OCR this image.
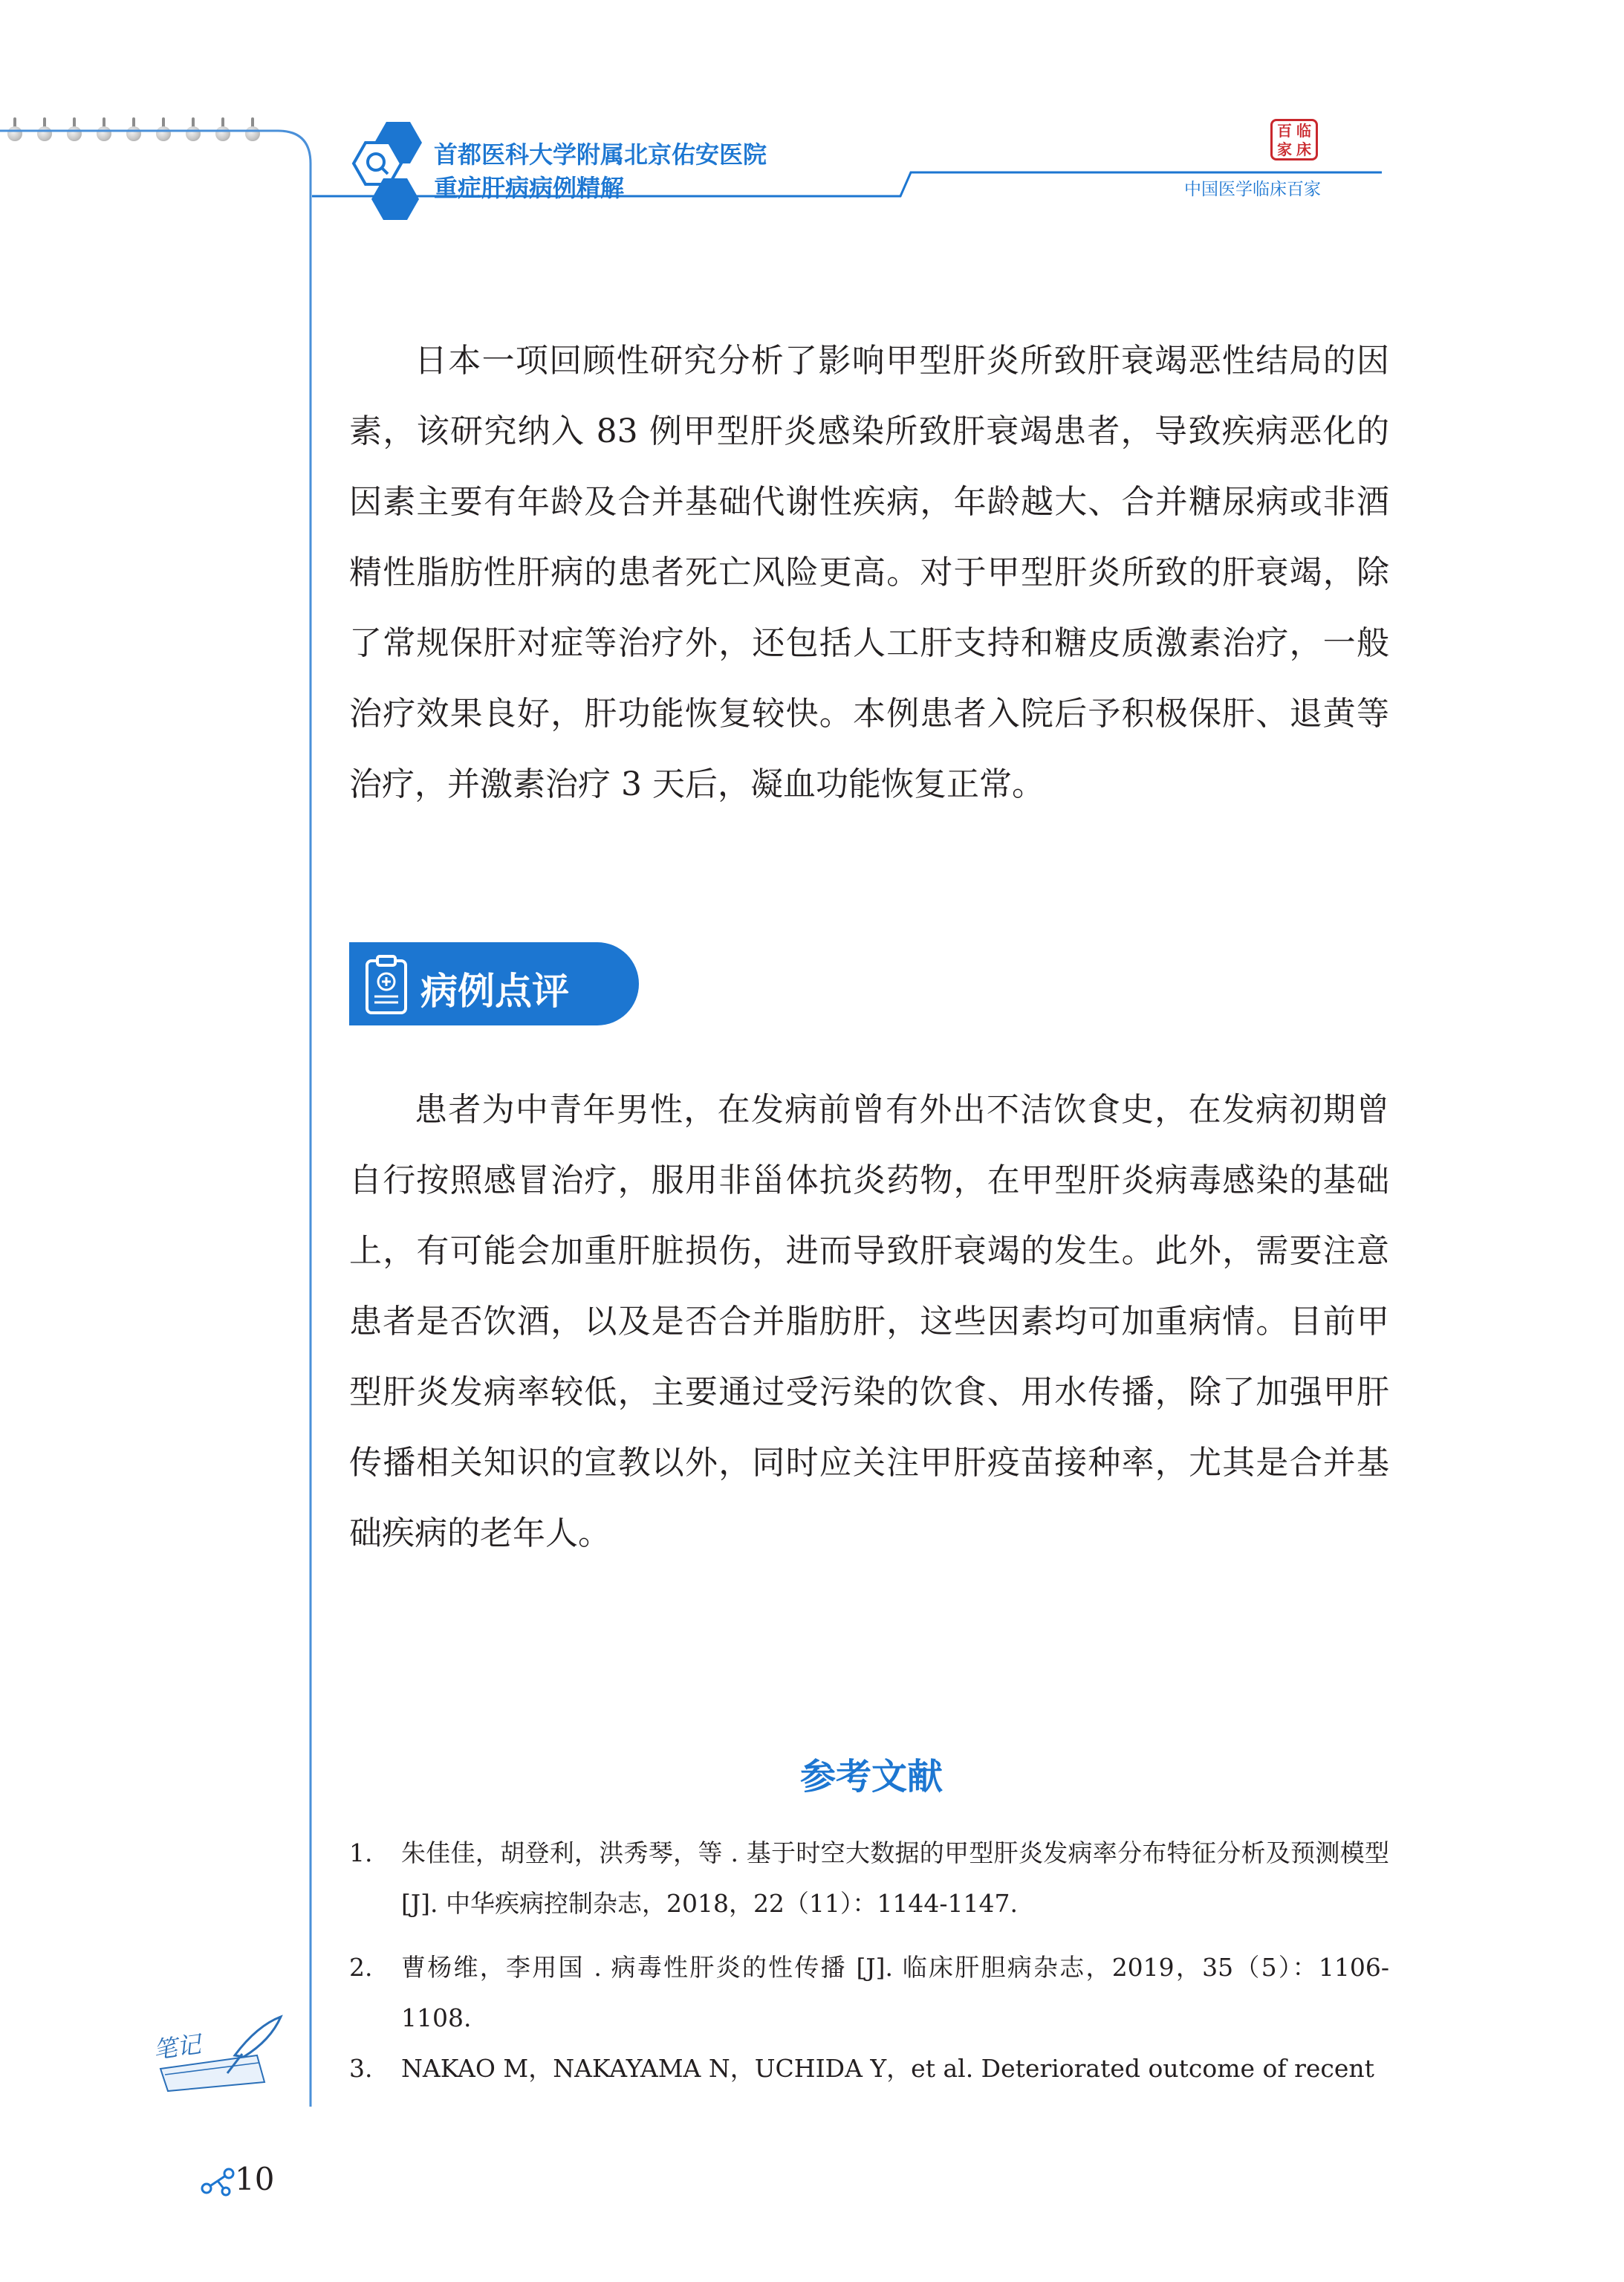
首都医科大学附属北京佑安医院
重症肝病病例精解
百 临
家 床
中国医学临床百家
日本一项回顾性研究分析了影响甲型肝炎所致肝衰竭恶性结局的因素，该研究纳入 83 例甲型肝炎感染所致肝衰竭患者，导致疾病恶化的因素主要有年龄及合并基础代谢性疾病，年龄越大、合并糖尿病或非酒精性脂肪性肝病的患者死亡风险更高。对于甲型肝炎所致的肝衰竭，除了常规保肝对症等治疗外，还包括人工肝支持和糖皮质激素治疗，一般治疗效果良好，肝功能恢复较快。本例患者入院后予积极保肝、退黄等治疗，并激素治疗 3 天后，凝血功能恢复正常。
病例点评
患者为中青年男性，在发病前曾有外出不洁饮食史，在发病初期曾自行按照感冒治疗，服用非甾体抗炎药物，在甲型肝炎病毒感染的基础上，有可能会加重肝脏损伤，进而导致肝衰竭的发生。此外，需要注意患者是否饮酒，以及是否合并脂肪肝，这些因素均可加重病情。目前甲型肝炎发病率较低，主要通过受污染的饮食、用水传播，除了加强甲肝传播相关知识的宣教以外，同时应关注甲肝疫苗接种率，尤其是合并基础疾病的老年人。
参考文献
1. 朱佳佳，胡登利，洪秀琴，等 . 基于时空大数据的甲型肝炎发病率分布特征分析及预测模型 [J]. 中华疾病控制杂志，2018，22（11）：1144-1147.
2. 曹杨维，李用国 . 病毒性肝炎的性传播 [J]. 临床肝胆病杂志，2019，35（5）：1106-1108.
3. NAKAO M，NAKAYAMA N，UCHIDA Y，et al. Deteriorated outcome of recent
笔记
10
